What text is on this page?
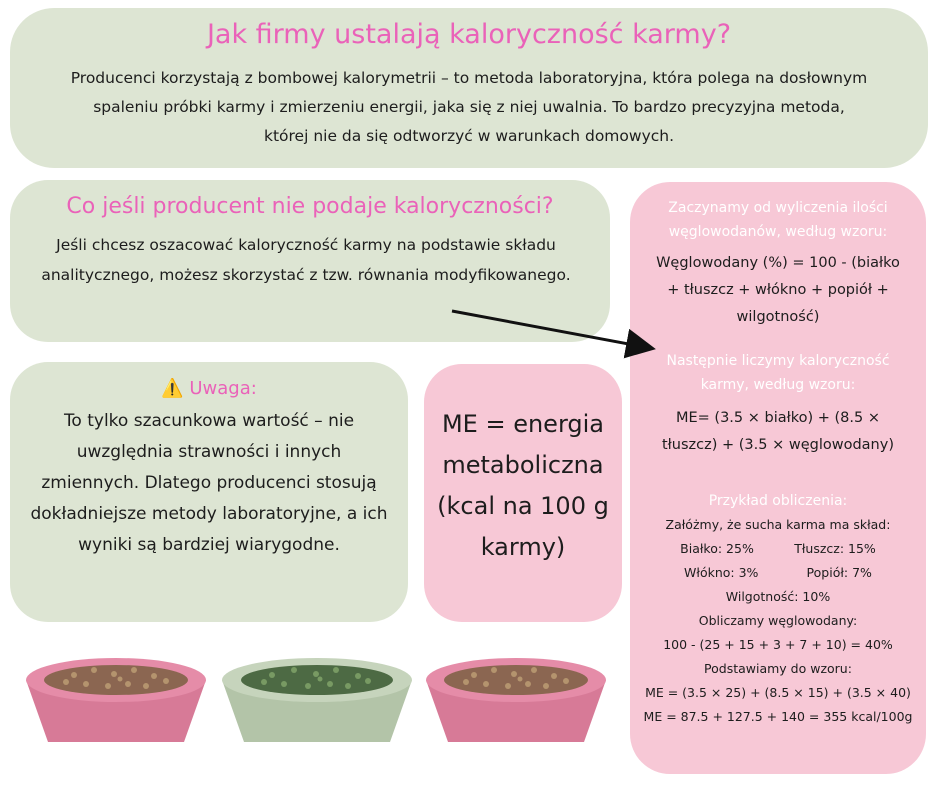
Jak firmy ustalają kaloryczność karmy?

Producenci korzystają z bombowej kalorymetrii – to metoda laboratoryjna, która polega na dosłownym spaleniu próbki karmy i zmierzeniu energii, jaka się z niej uwalnia. To bardzo precyzyjna metoda, której nie da się odtworzyć w warunkach domowych.

Co jeśli producent nie podaje kaloryczności?

Jeśli chcesz oszacować kaloryczność karmy na podstawie składu analitycznego, możesz skorzystać z tzw. równania modyfikowanego.

⚠️ Uwaga:

To tylko szacunkowa wartość – nie uwzględnia strawności i innych zmiennych. Dlatego producenci stosują dokładniejsze metody laboratoryjne, a ich wyniki są bardziej wiarygodne.

ME = energia metaboliczna (kcal na 100 g karmy)

Zaczynamy od wyliczenia ilości węglowodanów, według wzoru:
Węglowodany (%) = 100 - (białko + tłuszcz + włókno + popiół + wilgotność)
Następnie liczymy kaloryczność karmy, według wzoru:
ME= (3.5 × białko) + (8.5 × tłuszcz) + (3.5 × węglowodany)
Przykład obliczenia:
Załóżmy, że sucha karma ma skład:
Białko: 25%	Tłuszcz: 15%
Włókno: 3%	Popiół: 7%
Wilgotność: 10%
Obliczamy węglowodany:
100 - (25 + 15 + 3 + 7 + 10) = 40%
Podstawiamy do wzoru:
ME = (3.5 × 25) + (8.5 × 15) + (3.5 × 40)
ME = 87.5 + 127.5 + 140 = 355 kcal/100g
